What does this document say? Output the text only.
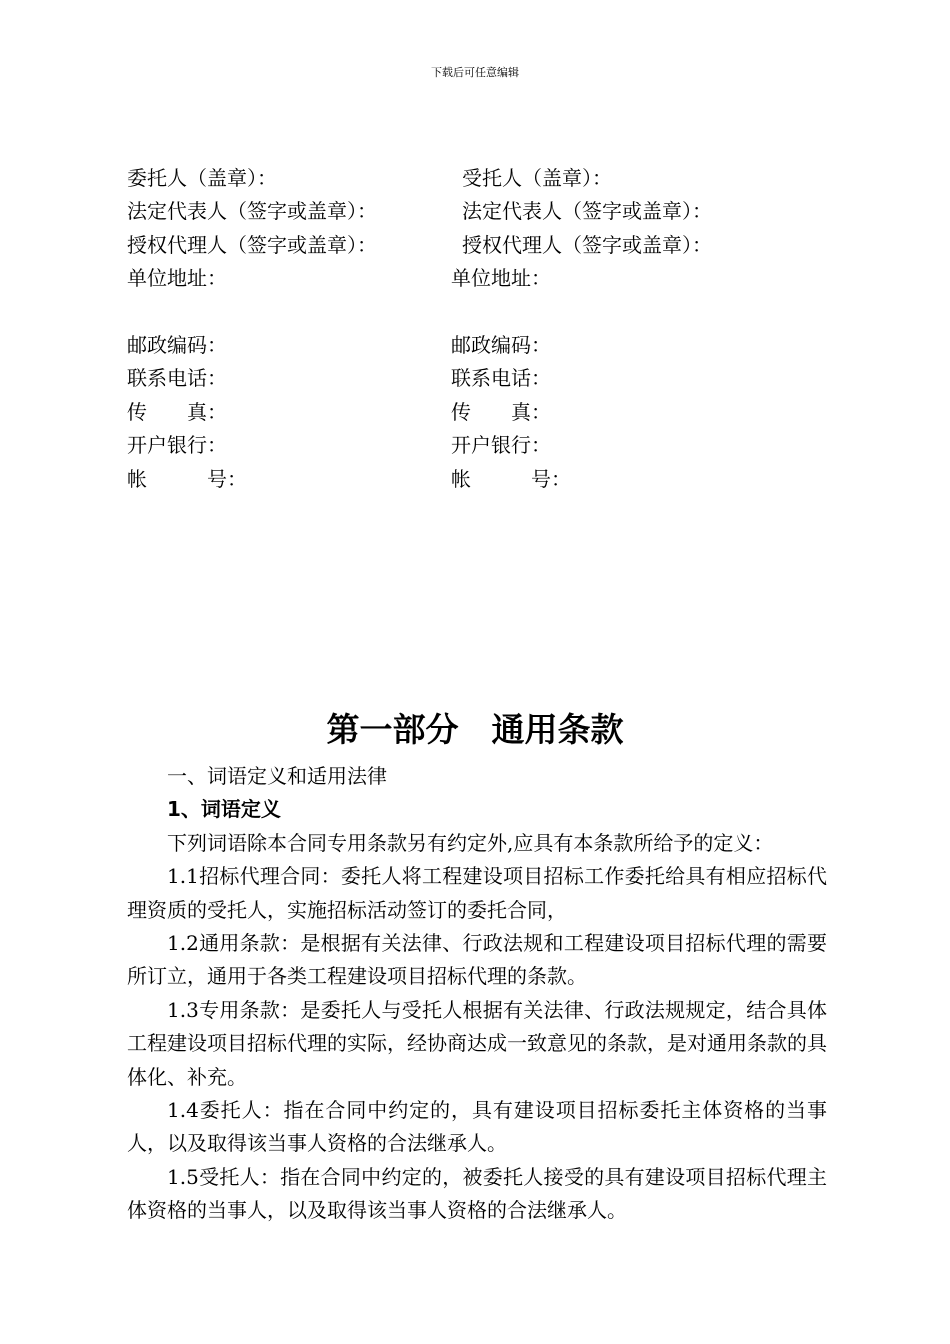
下载后可任意编辑
委托人（盖章）：
法定代表人（签字或盖章）：
授权代理人（签字或盖章）：
单位地址：
邮政编码：
联系电话：
传 真：
开户银行：
帐	号：
受托人（盖章）：
法定代表人（签字或盖章）：
授权代理人（签字或盖章）：
单位地址：
邮政编码：
联系电话：
传 真：
开户银行：
帐	号：
第一部分　通用条款

一、词语定义和适用法律

1、词语定义

下列词语除本合同专用条款另有约定外,应具有本条款所给予的定义：

1.1招标代理合同：委托人将工程建设项目招标工作委托给具有相应招标代理资质的受托人，实施招标活动签订的委托合同，

1.2通用条款：是根据有关法律、行政法规和工程建设项目招标代理的需要所订立，通用于各类工程建设项目招标代理的条款。

1.3专用条款：是委托人与受托人根据有关法律、行政法规规定，结合具体工程建设项目招标代理的实际，经协商达成一致意见的条款，是对通用条款的具体化、补充。

1.4委托人：指在合同中约定的，具有建设项目招标委托主体资格的当事人，以及取得该当事人资格的合法继承人。

1.5受托人：指在合同中约定的，被委托人接受的具有建设项目招标代理主体资格的当事人，以及取得该当事人资格的合法继承人。
